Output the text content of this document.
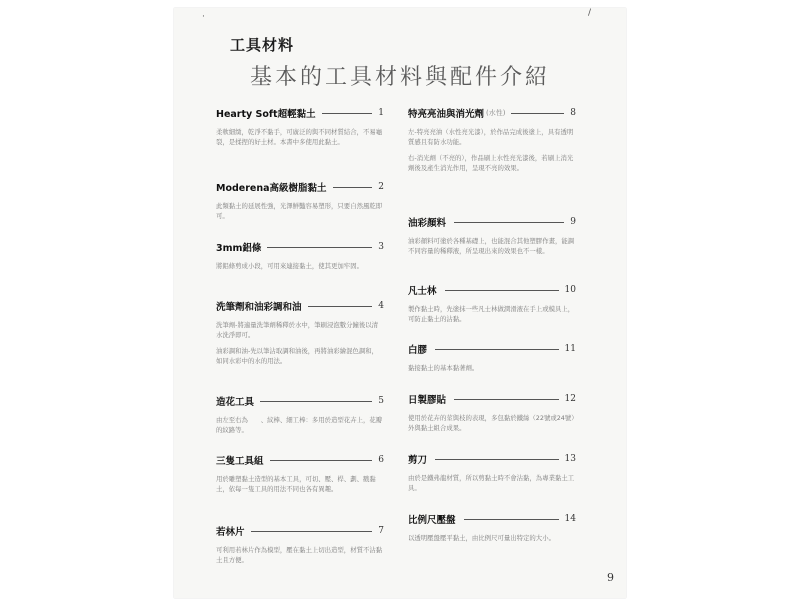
·	/
工具材料
基本的工具材料與配件介紹
Hearty Soft超輕黏土	1

柔軟細緻，乾淨不黏手，可廣泛的與不同材質結合，不易龜裂，是揉捏的好土材。本書中多使用此黏土。

Moderena高級樹脂黏土	2

此類黏土的延展性強，光澤鮮豔容易塑形，只要自然風乾即可。

3mm鋁條	3

將鋁條剪成小段，可用來連接黏土，使其更加牢固。

洗筆劑和油彩調和油	4

洗筆劑-將適量洗筆劑稀釋於水中，筆刷浸泡數分鐘後以清水洗淨即可。

油彩調和油-先以筆沾取調和油後，再將油彩繪混色調和，如同水彩中的水的用法。

造花工具	5

由左至右為　　、紋棒、細工棒：多用於造型花卉上，花瓣的紋路等。

三隻工具組	6

用於雕塑黏土造型的基本工具，可切、壓、桿、劃、戳黏土，依每一隻工具的用法不同也各有異趣。

若林片	7

可利用若林片作為模型，壓在黏土上切出造型，材質不沾黏土且方便。

特亮亮油與消光劑 (水性)	8

左-特亮亮油（水性亮光漆），於作品完成後塗上，具有透明質感且有防水功能。

右-消光劑（不亮的），作品刷上水性亮光漆後，若刷上消光劑後及產生消光作用，呈現不亮的效果。

油彩顏料	9

油彩顏料可塗於各種基礎上，也能混合其他塑膠作畫，能調不同容量的稀釋液，所呈現出來的效果也不一樣。

凡士林	10

製作黏土時，先塗抹一些凡士林做潤滑液在手上或模具上，可防止黏土的沾黏。

白膠	11

黏接黏土的基本黏著劑。

日製膠貼	12

使用於花卉的莖與枝的表現，多包黏於鐵絲（22號或24號）外與黏土組合成果。

剪刀	13

由於是鐵弗龍材質，所以剪黏土時不會沾黏，為專業黏土工具。

比例尺壓盤	14

以透明壓盤壓平黏土，由比例尺可量出特定的大小。

9
